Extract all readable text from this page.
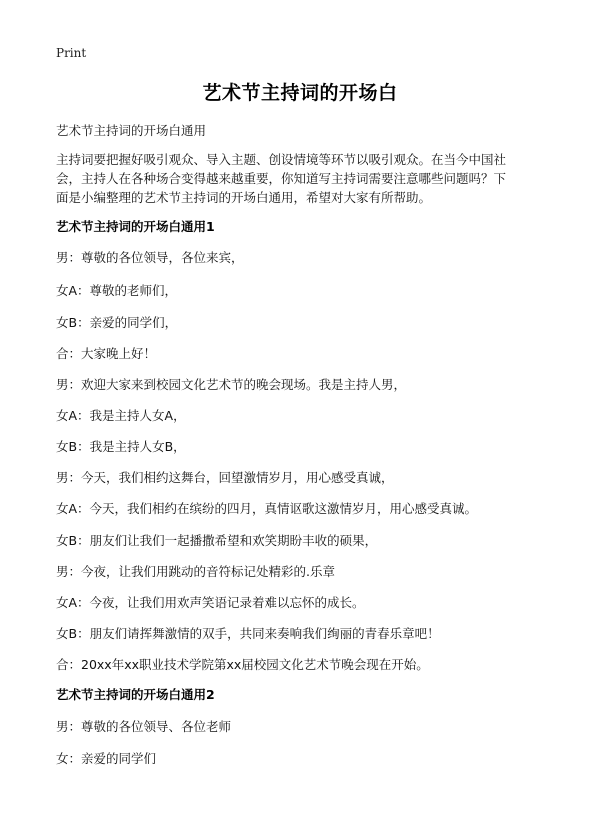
Print
艺术节主持词的开场白
艺术节主持词的开场白通用
主持词要把握好吸引观众、导入主题、创设情境等环节以吸引观众。在当今中国社
会，主持人在各种场合变得越来越重要，你知道写主持词需要注意哪些问题吗？下
面是小编整理的艺术节主持词的开场白通用，希望对大家有所帮助。
艺术节主持词的开场白通用1
男：尊敬的各位领导，各位来宾，
女A：尊敬的老师们，
女B：亲爱的同学们，
合：大家晚上好！
男：欢迎大家来到校园文化艺术节的晚会现场。我是主持人男，
女A：我是主持人女A，
女B：我是主持人女B，
男：今天，我们相约这舞台，回望激情岁月，用心感受真诚，
女A：今天，我们相约在缤纷的四月，真情讴歌这激情岁月，用心感受真诚。
女B：朋友们让我们一起播撒希望和欢笑期盼丰收的硕果，
男：今夜，让我们用跳动的音符标记处精彩的.乐章
女A：今夜，让我们用欢声笑语记录着难以忘怀的成长。
女B：朋友们请挥舞激情的双手，共同来奏响我们绚丽的青春乐章吧！
合：20xx年xx职业技术学院第xx届校园文化艺术节晚会现在开始。
艺术节主持词的开场白通用2
男：尊敬的各位领导、各位老师
女：亲爱的同学们
